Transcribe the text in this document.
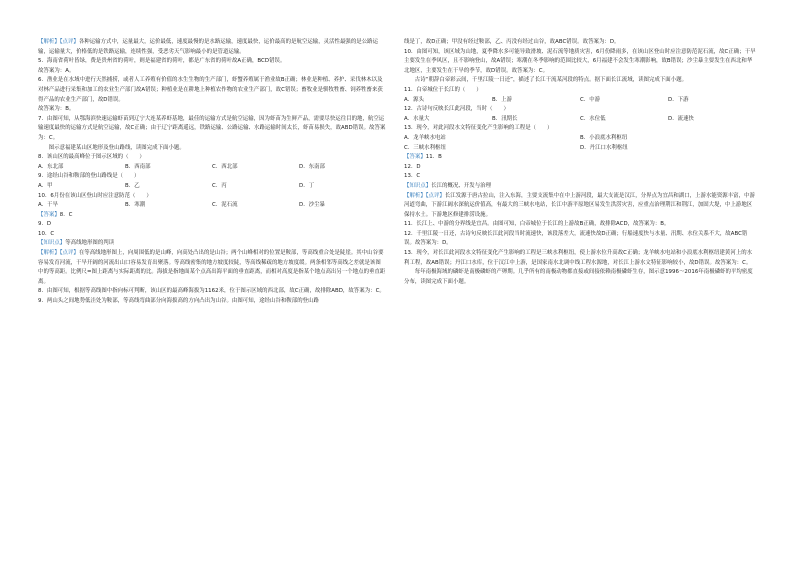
【解析】【点评】各种运输方式中，运量最大，运价最低，速度最慢的是水路运输，速度最快，运价最高的是航空运输，灵活性最强的是公路运输，运输量大，价格低的是铁路运输，连续性强，受恶劣天气影响最小的是管道运输。

5．海南省荷叶皆绿，费是贵州省的荷叶，则是福建省的荷叶，都是广东省的荷叶故A正确，BCD错误。

故答案为：A。

6．渔业是在水域中进行天然捕捞，或者人工养殖有价值的水生生物的生产部门，虾蟹养殖属于渔业故B正确；林业是种植、养护、采伐林木以及对林产品进行采集和加工的农业生产部门故A错误；种植业是在耕地上种植农作物的农业生产部门，故C错误；畜牧业是驯牧牲畜、饲养牲畜来获得产品的农业生产部门，故D错误。

故答案为：B。

7．由图可知，从鄂海滨快速运输虾苗到辽宁大连某养虾基地，最佳的运输方式是航空运输，因为虾苗为生鲜产品，需要尽快运往目的地，航空运输速度最快的运输方式是航空运输，故C正确；由于辽宁距离遥远，铁路运输、公路运输、水路运输时间太长，虾苗易损失，故ABD错误。故答案为：C。

图示意福建某山区地形及登山路线，读图完成下面小题。

8．该山区的最高峰位于图示区域的（　　）

A．东北部	B．西南部	C．西北部	D．东南部

9．途经山谷和鞍部的登山路线是（　　）

A．甲	B．乙	C．丙	D．丁

10．6月份在该山区登山时应注意防范（　　）

A．干旱	B．寒潮	C．泥石流	D．沙尘暴

【答案】8．C

9．D

10．C

【知识点】等高线地形图的判读

【解析】【点评】在等高线地形图上，向周围低的是山峰，向高处凸出的是山谷；两个山峰相对的位置是鞍部，等高线重合处是陡崖。其中山谷要容易发育河流，干旱开阔的河流出山口容易发育出聚落。等高线密集的地方坡度较陡，等高线稀疏的地方坡度缓。两条相邻等高线之差就是该图中的等高距。比例尺=图上距离与实际距离的比。海拔是指地面某个点高出海平面的垂直距离，而相对高度是指某个地点高出另一个地点的垂直距离。

8．由图可知，根据等高线图中指向标可判断，该山区的最高峰海拔为1162米，位于图示区域的西北部，故C正确，故排除ABD，故答案为：C。

9．两山头之间地势低洼处为鞍部，等高线弯曲部分向海拔高的方向凸出为山谷。由图可知，途经山谷和鞍部的登山路

线是丁，故D正确；甲没有经过鞍部，乙、丙没有经过山谷，故ABC错误。故答案为：D。

10．由图可知，该区域为山地，夏季降水多可能导致滑坡、泥石流等地质灾害，6月份降雨多，在该山区登山时应注意防范泥石流，故C正确；干旱主要发生在季风区，且不影响登山，故A错误；寒潮在冬季影响的范围比较大，6月福建不会发生寒潮影响，故B错误；沙尘暴主要发生在西北和华北地区，主要发生在干旱的季节，故D错误。故答案为：C。

古诗“朝辞白帝彩云间，千里江陵一日还”，描述了长江干流某河段的特点。据下面长江流域，读图完成下面小题。

11．白帝城位于长江的（　　）

A．源头	B．上游	C．中游	D．下游

12．古诗句反映长江此河段，当时（　　）

A．水量大	B．汛期长	C．水位低	D．流速快

13．现今，对此河段水文特征变化产生影响的工程是（　　）

A．龙羊峡水电站	B．小浪底水利枢纽
C．三峡水利枢纽	D．丹江口水利枢纽

【答案】11．B

12．D

13．C

【知识点】长江的概况、开发与治理

【解析】【点评】长江发源于唐古拉山，注入东海，主要支流集中在中上游河段，最大支流是汉江，分界点为宜昌和湖口，上游水能资源丰富，中游河道弯曲，下游江阔水深航运价值高，有最大的三峡水电站，长江中游平原地区易发生洪涝灾害，应重点治理荆江和荆江，加固大堤，中上游地区保持水土。下游地区修建排涝设施。

11．长江上、中游的分界线是宜昌。由图可知，白帝城位于长江的上游故B正确，故排除ACD，故答案为：B。

12．千里江陵一日还，古诗句反映长江此河段当时流速快，该段落差大，流速快故D正确；行船速度快与水量、汛期、水位关系不大，故ABC错误。故答案为：D。

13．现今，对长江此河段水文特征变化产生影响的工程是三峡水利枢纽，使上游水位升高故C正确；龙羊峡水电站和小浪底水利枢纽建黄河上的水利工程，故AB错误；丹江口水库，位于汉江中上游，是国家南水北调中线工程水源地，对长江上游水文特征影响较小，故D错误。故答案为：C。

每年南极海域的磷虾是南极磷虾的产卵期。几乎所有的南极动物都直接或间接依赖南极磷虾生存，图示意1996～2016年南极磷虾的平均密度分布，读图完成下面小题。
